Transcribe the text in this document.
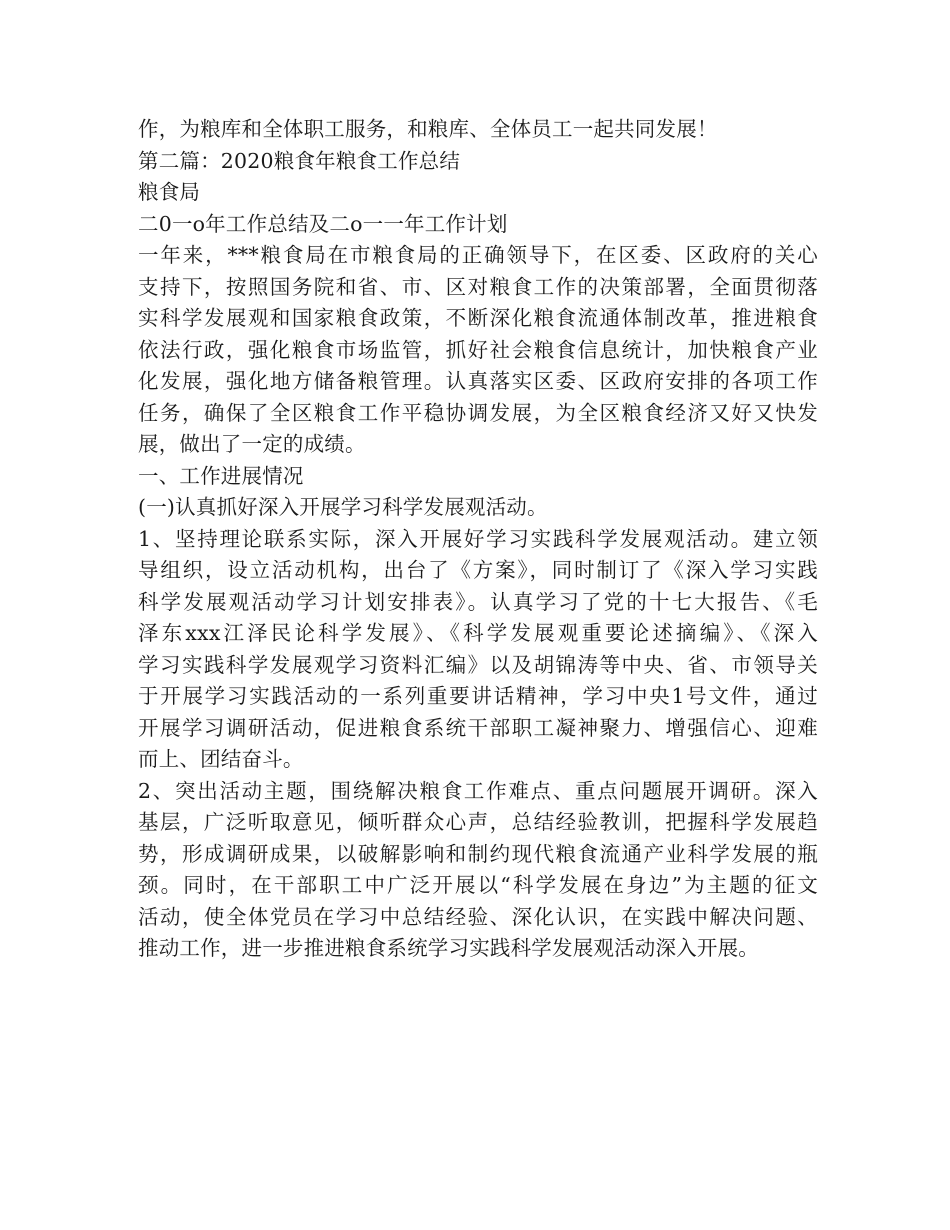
作，为粮库和全体职工服务，和粮库、全体员工一起共同发展！
第二篇：2020粮食年粮食工作总结
粮食局
二0一o年工作总结及二o一一年工作计划
一年来，***粮食局在市粮食局的正确领导下，在区委、区政府的关心
支持下，按照国务院和省、市、区对粮食工作的决策部署，全面贯彻落
实科学发展观和国家粮食政策，不断深化粮食流通体制改革，推进粮食
依法行政，强化粮食市场监管，抓好社会粮食信息统计，加快粮食产业
化发展，强化地方储备粮管理。认真落实区委、区政府安排的各项工作
任务，确保了全区粮食工作平稳协调发展，为全区粮食经济又好又快发
展，做出了一定的成绩。
一、工作进展情况
(一)认真抓好深入开展学习科学发展观活动。
1、坚持理论联系实际，深入开展好学习实践科学发展观活动。建立领
导组织，设立活动机构，出台了《方案》，同时制订了《深入学习实践
科学发展观活动学习计划安排表》。认真学习了党的十七大报告、《毛
泽东xxx江泽民论科学发展》、《科学发展观重要论述摘编》、《深入
学习实践科学发展观学习资料汇编》以及胡锦涛等中央、省、市领导关
于开展学习实践活动的一系列重要讲话精神，学习中央1号文件，通过
开展学习调研活动，促进粮食系统干部职工凝神聚力、增强信心、迎难
而上、团结奋斗。
2、突出活动主题，围绕解决粮食工作难点、重点问题展开调研。深入
基层，广泛听取意见，倾听群众心声，总结经验教训，把握科学发展趋
势，形成调研成果，以破解影响和制约现代粮食流通产业科学发展的瓶
颈。同时，在干部职工中广泛开展以“科学发展在身边”为主题的征文
活动，使全体党员在学习中总结经验、深化认识，在实践中解决问题、
推动工作，进一步推进粮食系统学习实践科学发展观活动深入开展。
